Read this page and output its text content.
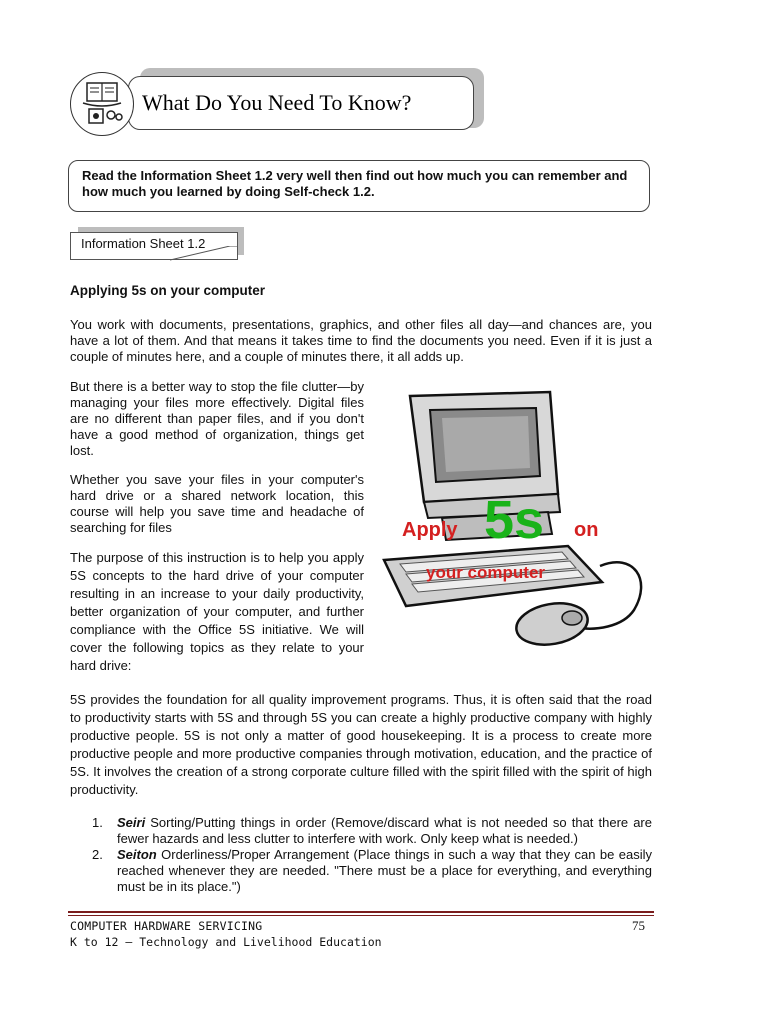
What Do You Need To Know?
Read the Information Sheet 1.2 very well then find out how much you can remember and how much you learned by doing Self-check 1.2.
Information Sheet 1.2
Applying 5s on your computer
You work with documents, presentations, graphics, and other files all day—and chances are, you have a lot of them. And that means it takes time to find the documents you need. Even if it is just a couple of minutes here, and a couple of minutes there, it all adds up.
But there is a better way to stop the file clutter—by managing your files more effectively. Digital files are no different than paper files, and if you don't have a good method of organization, things get lost.
Whether you save your files in your computer's hard drive or a shared network location, this course will help you save time and headache of searching for files
The purpose of this instruction is to help you apply 5S concepts to the hard drive of your computer resulting in an increase to your daily productivity, better organization of your computer, and further compliance with the Office 5S initiative. We will cover the following topics as they relate to your hard drive:
Apply 5s on
your computer
5S provides the foundation for all quality improvement programs. Thus, it is often said that the road to productivity starts with 5S and through 5S you can create a highly productive company with highly productive people. 5S is not only a matter of good housekeeping. It is a process to create more productive people and more productive companies through motivation, education, and the practice of 5S. It involves the creation of a strong corporate culture filled with the spirit filled with the spirit of high productivity.
1. Seiri Sorting/Putting things in order (Remove/discard what is not needed so that there are fewer hazards and less clutter to interfere with work. Only keep what is needed.)
2. Seiton Orderliness/Proper Arrangement (Place things in such a way that they can be easily reached whenever they are needed. "There must be a place for everything, and everything must be in its place.")
COMPUTER HARDWARE SERVICING
K to 12 – Technology and Livelihood Education
75
